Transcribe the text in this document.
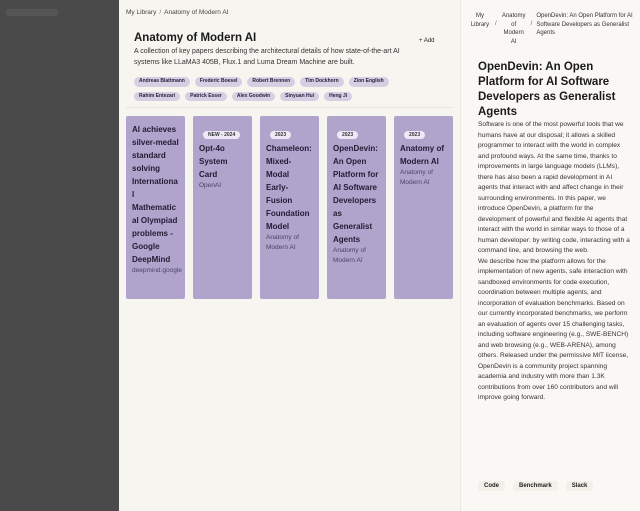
My Library / Anatomy of Modern AI
Anatomy of Modern AI	+ Add
A collection of key papers describing the architectural details of how state-of-the-art AI systems like LLaMA3 405B, Flux.1 and Luma Dream Machine are built.
Andreas Blattmann	Frederic Boesel	Robert Brennen	Tim Dockhorn	Zion English
Rahim Entezari	Patrick Esser	Alex Goodwin	Sinyuan Hui	Heng Ji
AI achieves silver-medal standard solving International Mathematical Olympiad problems - Google DeepMind
deepmind.google
NEW - 2024
Opt-4o System Card
OpenAI
2023
Chameleon: Mixed-Modal Early-Fusion Foundation Model
Anatomy of Modern AI
2023
OpenDevin: An Open Platform for AI Software Developers as Generalist Agents
Anatomy of Modern AI
2023
Anatomy of Modern AI
Anatomy of Modern AI
My Library /
Anatomy of Modern AI
/
OpenDevin: An Open Platform for AI Software Developers as Generalist Agents
OpenDevin: An Open Platform for AI Software Developers as Generalist Agents

Software is one of the most powerful tools that we humans have at our disposal; it allows a skilled programmer to interact with the world in complex and profound ways. At the same time, thanks to improvements in large language models (LLMs), there has also been a rapid development in AI agents that interact with and affect change in their surrounding environments. In this paper, we introduce OpenDevin, a platform for the development of powerful and flexible AI agents that interact with the world in similar ways to those of a human developer: by writing code, interacting with a command line, and browsing the web.

We describe how the platform allows for the implementation of new agents, safe interaction with sandboxed environments for code execution, coordination between multiple agents, and incorporation of evaluation benchmarks. Based on our currently incorporated benchmarks, we perform an evaluation of agents over 15 challenging tasks, including software engineering (e.g., SWE-BENCH) and web browsing (e.g., WEB-ARENA), among others. Released under the permissive MIT license, OpenDevin is a community project spanning academia and industry with more than 1.3K contributions from over 160 contributors and will improve going forward.

Code	Benchmark	Slack
